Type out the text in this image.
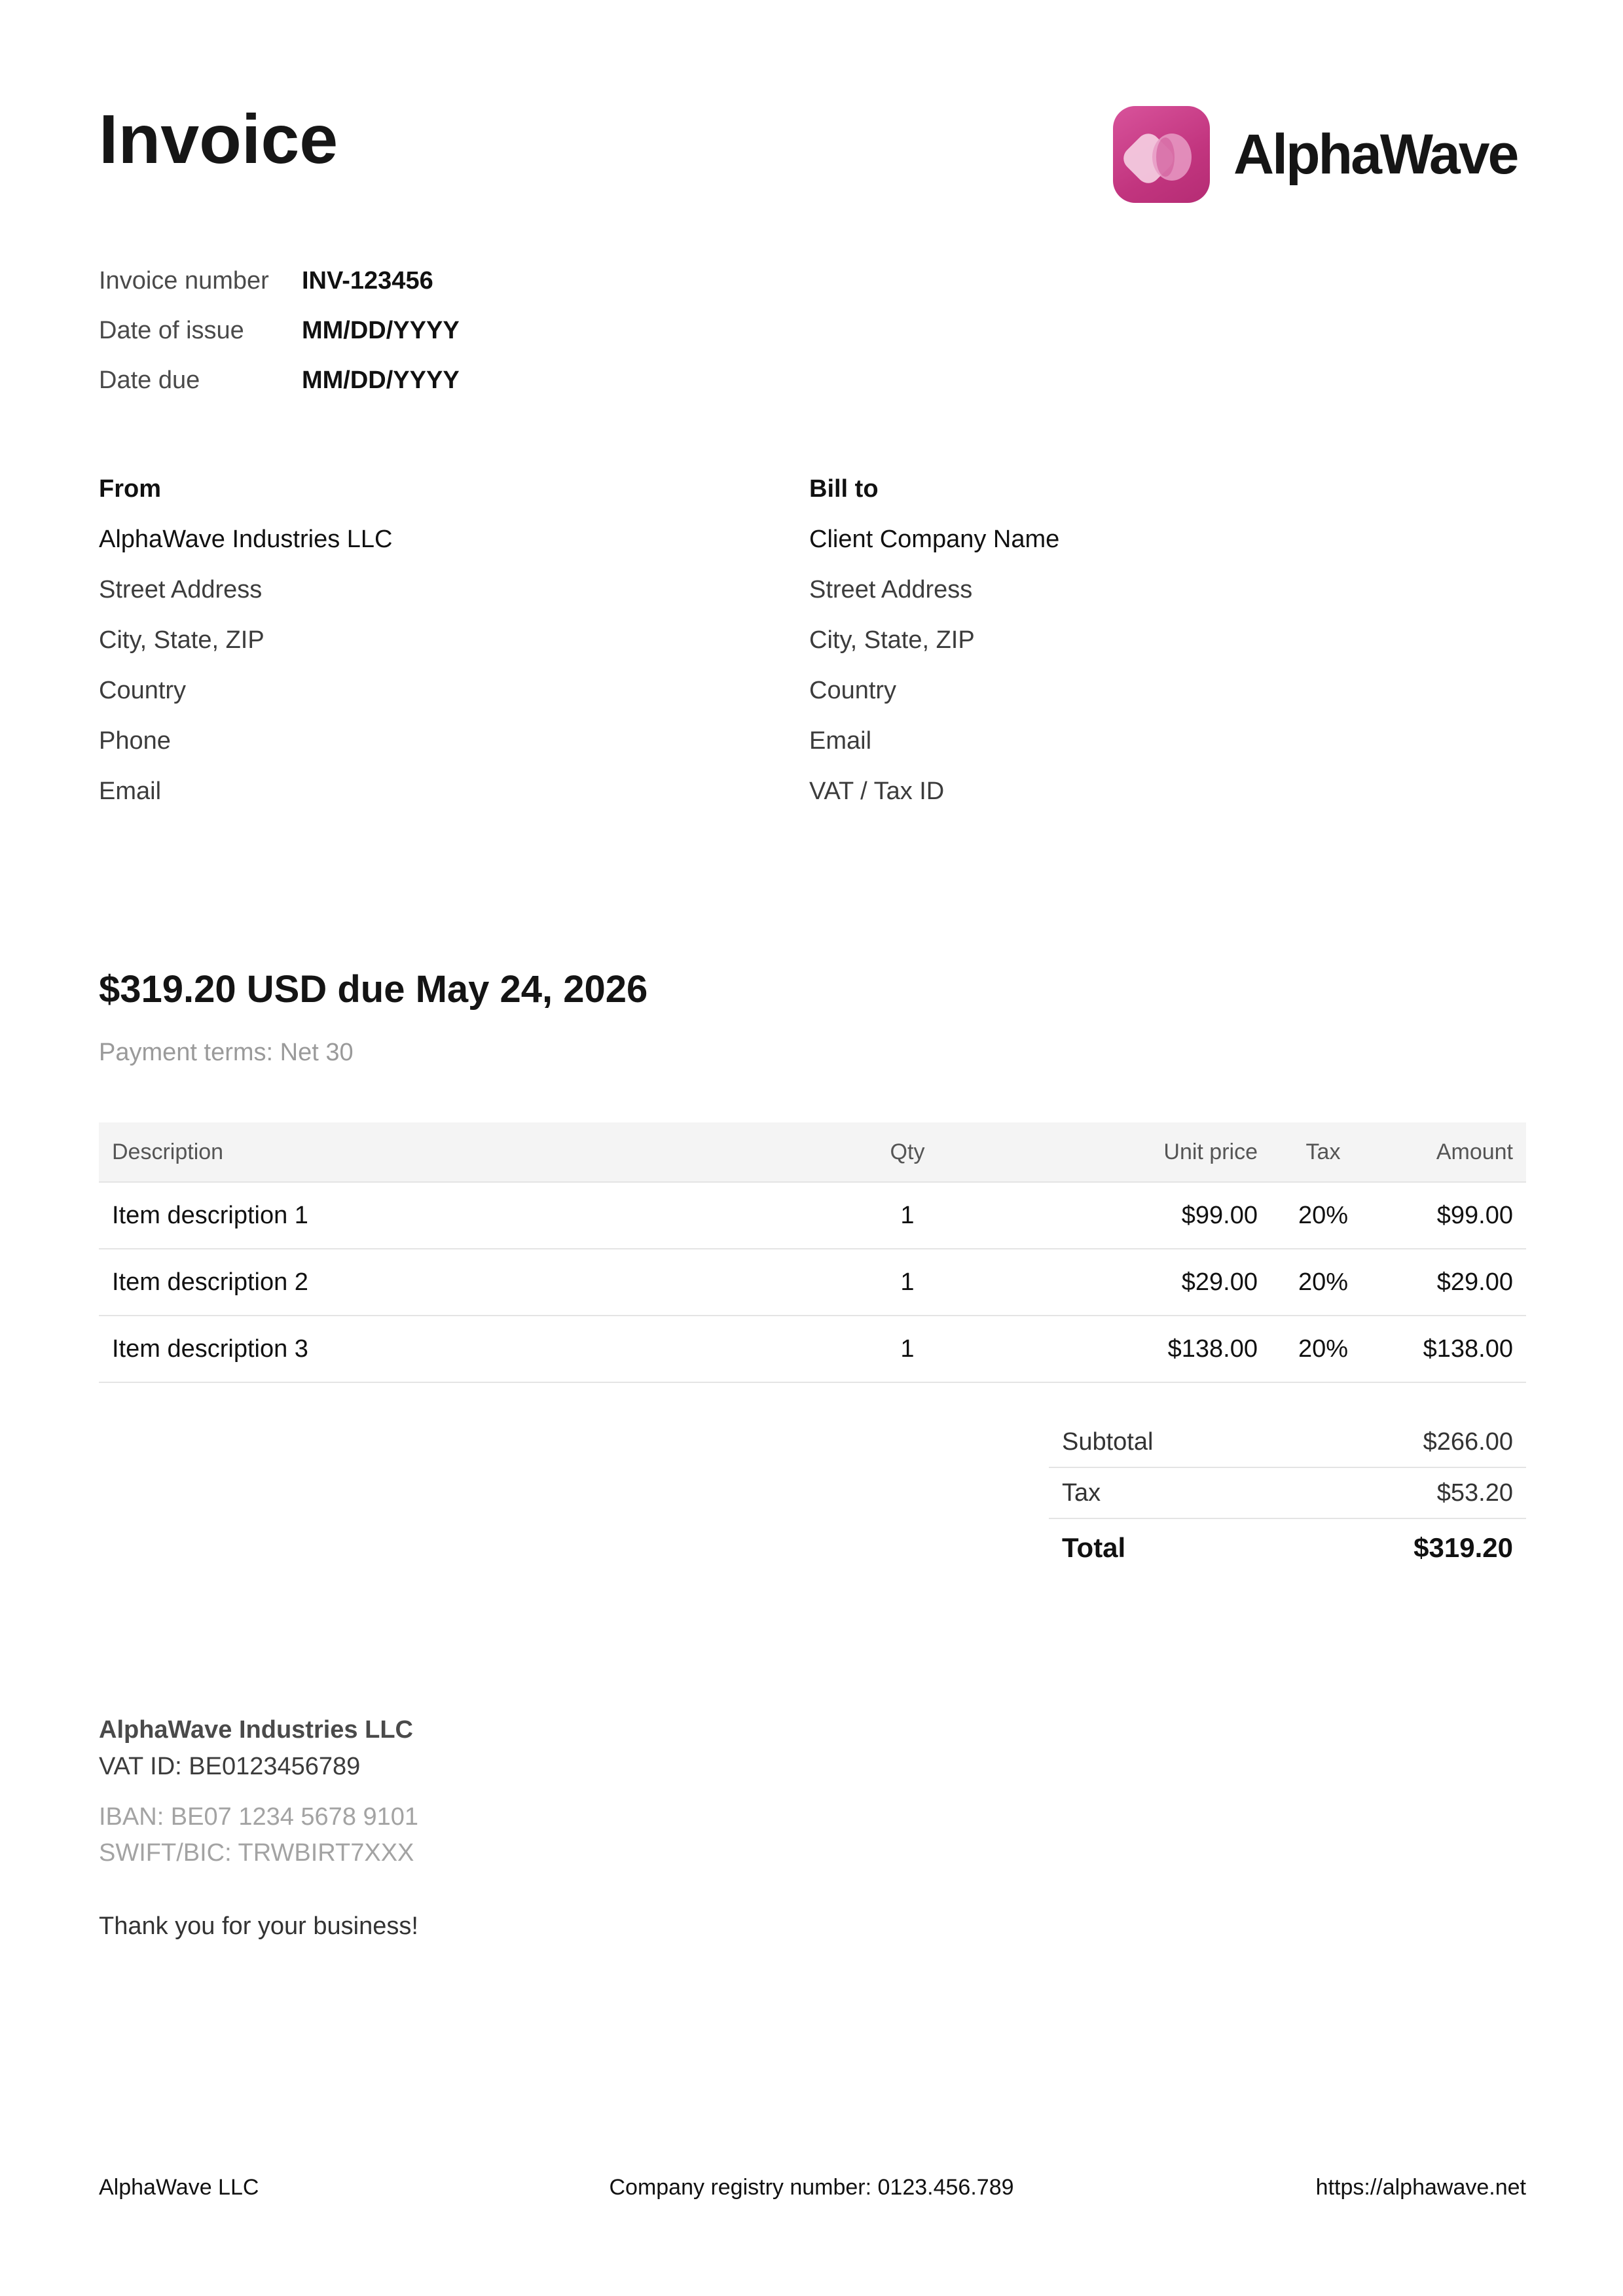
Invoice	AlphaWave
Invoice number	INV-123456
Date of issue	MM/DD/YYYY
Date due	MM/DD/YYYY
From
AlphaWave Industries LLC
Street Address
City, State, ZIP
Country
Phone
Email
Bill to
Client Company Name
Street Address
City, State, ZIP
Country
Email
VAT / Tax ID
$319.20 USD due May 24, 2026
Payment terms: Net 30
Description	Qty	Unit price	Tax	Amount
Item description 1	1	$99.00	20%	$99.00
Item description 2	1	$29.00	20%	$29.00
Item description 3	1	$138.00	20%	$138.00
Subtotal	$266.00
Tax	$53.20
Total	$319.20
AlphaWave Industries LLC
VAT ID: BE0123456789
IBAN: BE07 1234 5678 9101
SWIFT/BIC: TRWBIRT7XXX
Thank you for your business!
AlphaWave LLC	Company registry number: 0123.456.789	https://alphawave.net
